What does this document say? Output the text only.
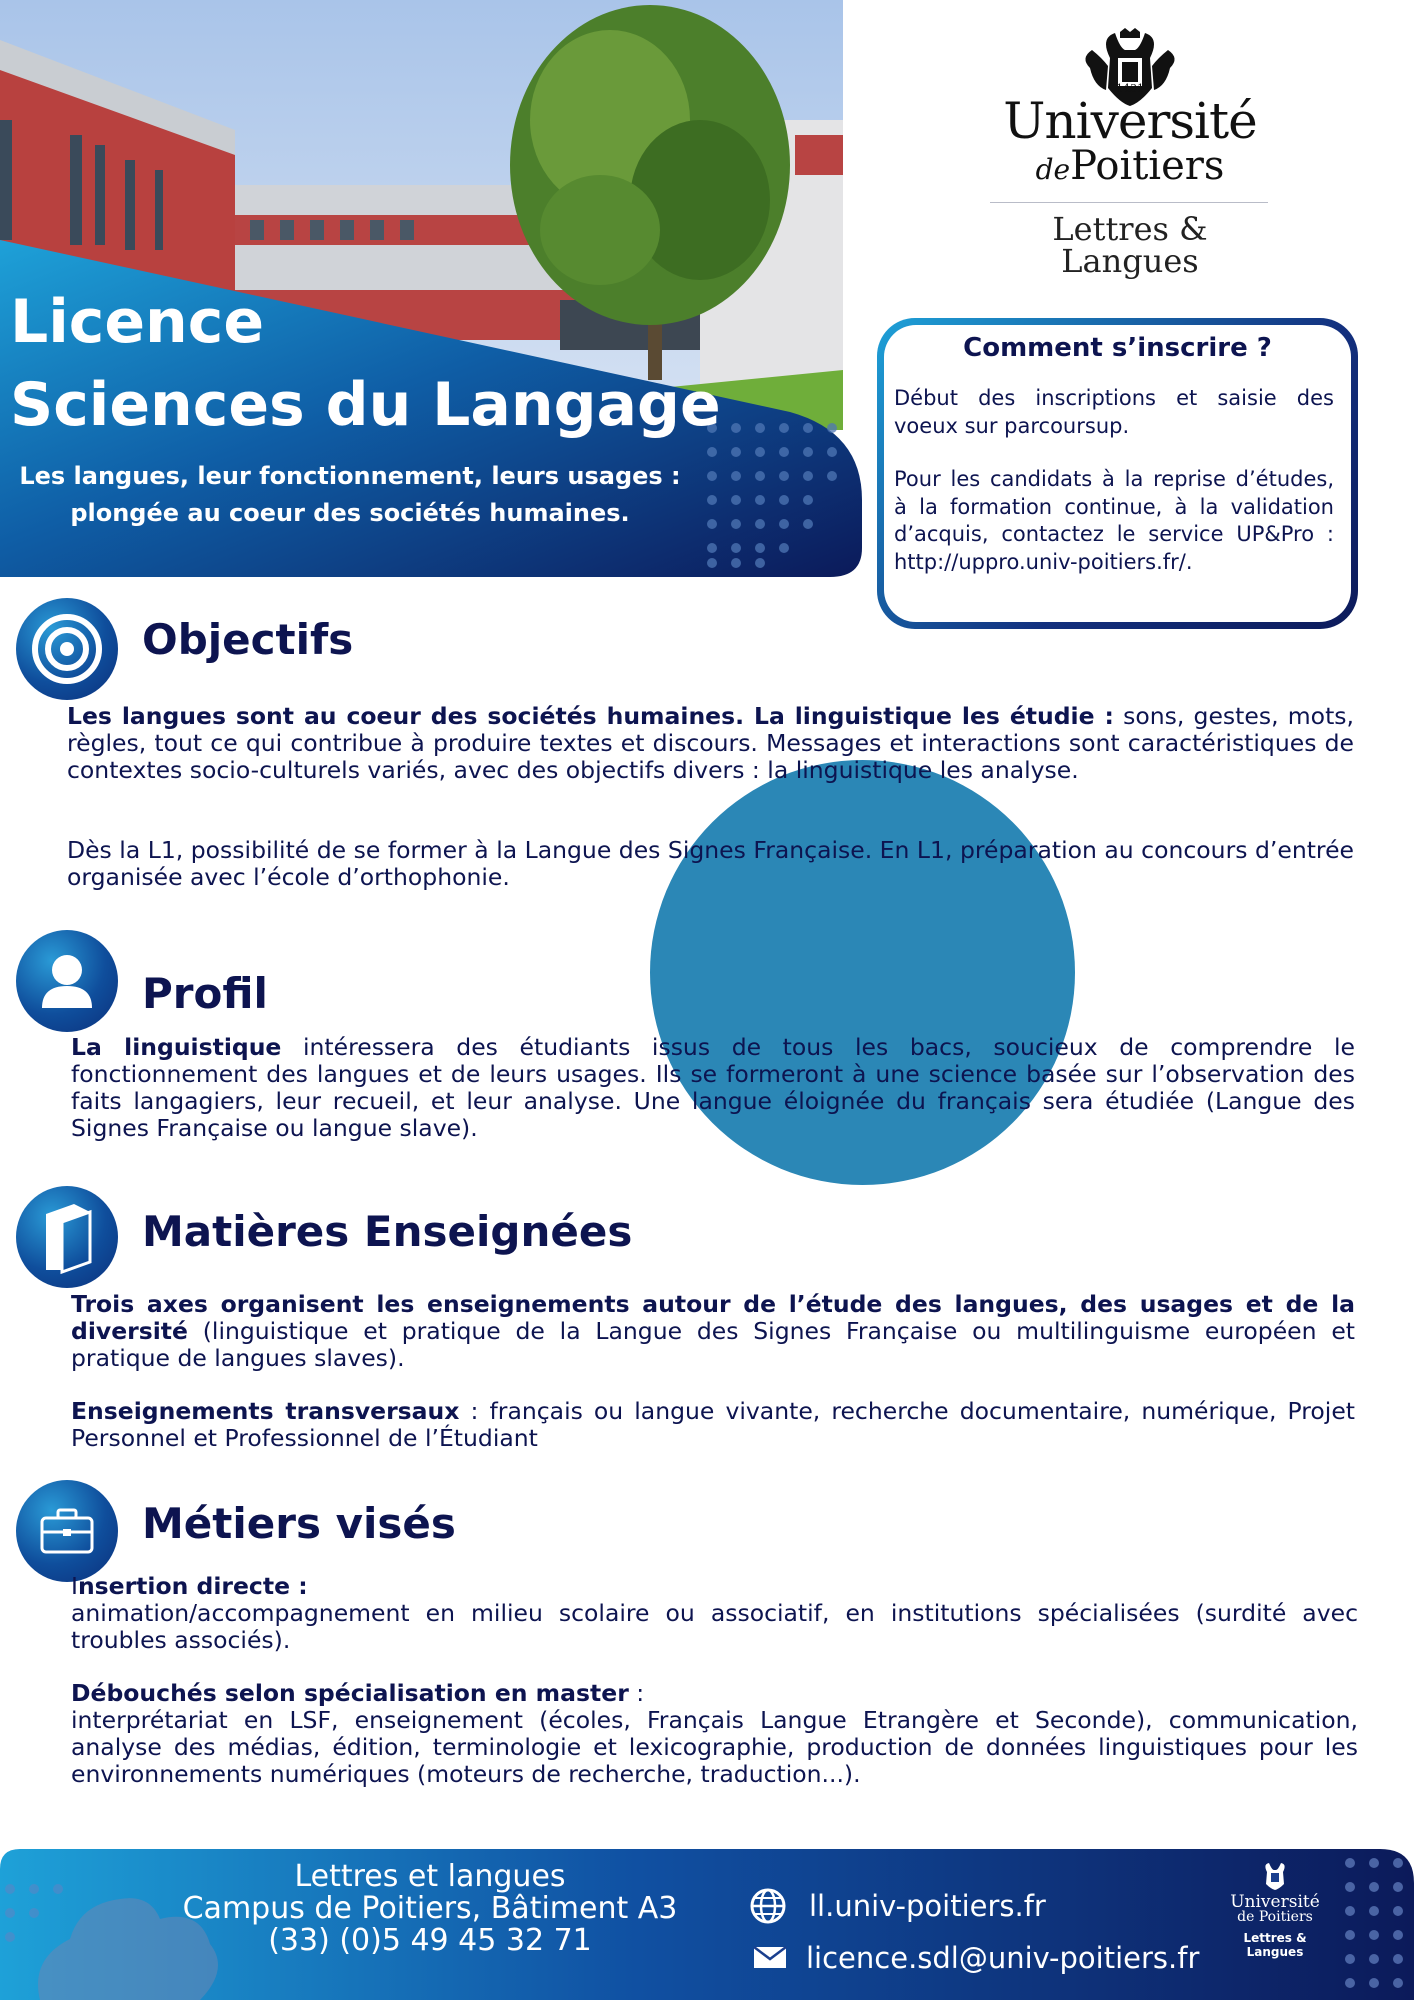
Licence
Sciences du Langage
Les langues, leur fonctionnement, leurs usages : plongée au coeur des sociétés humaines.
1431
Université
dePoitiers
Lettres & Langues
Comment s’inscrire ?
Début des inscriptions et saisie des voeux sur parcoursup.
Pour les candidats à la reprise d’études, à la formation continue, à la validation d’acquis, contactez le service UP&Pro : http://uppro.univ-poitiers.fr/.
Objectifs
Les langues sont au coeur des sociétés humaines. La linguistique les étudie : sons, gestes, mots, règles, tout ce qui contribue à produire textes et discours. Messages et interactions sont caractéristiques de contextes socio-culturels variés, avec des objectifs divers : la linguistique les analyse.
Dès la L1, possibilité de se former à la Langue des Signes Française. En L1, préparation au concours d’entrée organisée avec l’école d’orthophonie.
Profil
La linguistique intéressera des étudiants issus de tous les bacs, soucieux de comprendre le fonctionnement des langues et de leurs usages. Ils se formeront à une science basée sur l’observation des faits langagiers, leur recueil, et leur analyse. Une langue éloignée du français sera étudiée (Langue des Signes Française ou langue slave).
Matières Enseignées
Trois axes organisent les enseignements autour de l’étude des langues, des usages et de la diversité (linguistique et pratique de la Langue des Signes Française ou multilinguisme européen et pratique de langues slaves).
Enseignements transversaux : français ou langue vivante, recherche documentaire, numérique, Projet Personnel et Professionnel de l’Étudiant
Métiers visés
Insertion directe :
animation/accompagnement en milieu scolaire ou associatif, en institutions spécialisées (surdité avec troubles associés).
Débouchés selon spécialisation en master :
interprétariat en LSF, enseignement (écoles, Français Langue Etrangère et Seconde), communication, analyse des médias, édition, terminologie et lexicographie, production de données linguistiques pour les environnements numériques (moteurs de recherche, traduction...).
Lettres et langues
Campus de Poitiers, Bâtiment A3
(33) (0)5 49 45 32 71
ll.univ-poitiers.fr
licence.sdl@univ-poitiers.fr
Université
de Poitiers
Lettres & Langues
